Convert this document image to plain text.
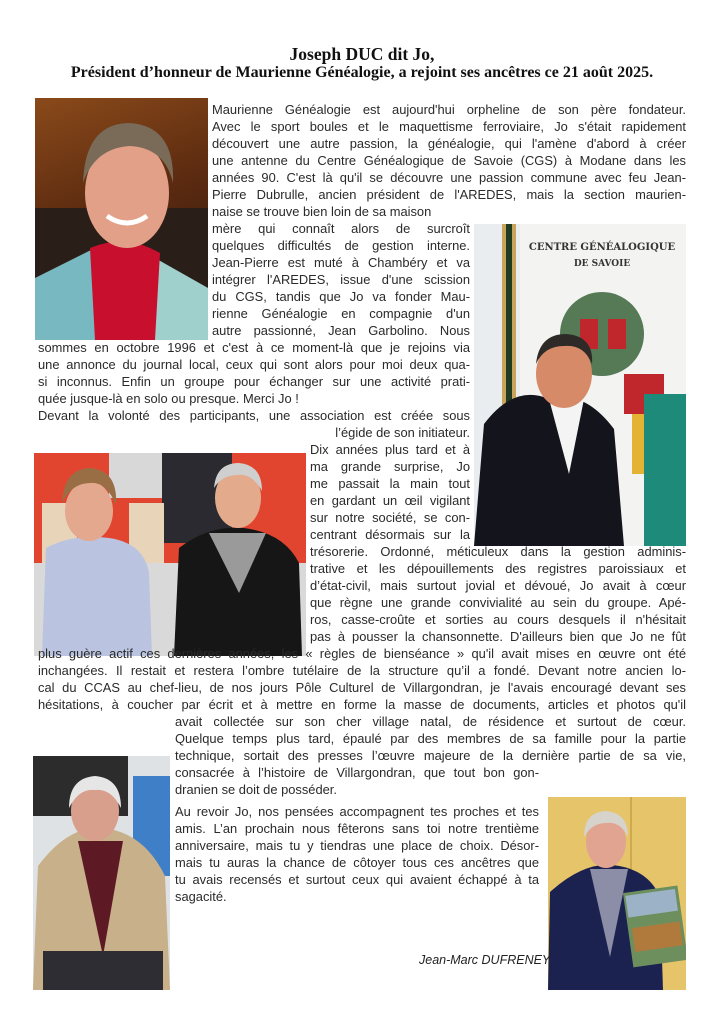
Joseph DUC dit Jo,
Président d’honneur de Maurienne Généalogie, a rejoint ses ancêtres ce 21 août 2025.
CENTRE GÉNÉALOGIQUE
DE SAVOIE
Maurienne Généalogie est aujourd'hui orpheline de son père fondateur.
Avec le sport boules et le maquettisme ferroviaire, Jo s'était rapidement
découvert une autre passion, la généalogie, qui l'amène d'abord à créer
une antenne du Centre Généalogique de Savoie (CGS) à Modane dans les
années 90. C'est là qu'il se découvre une passion commune avec feu Jean-
Pierre Dubrulle, ancien président de l'AREDES, mais la section maurien-
naise se trouve bien loin de sa maison
mère qui connaît alors de surcroît
quelques difficultés de gestion interne.
Jean-Pierre est muté à Chambéry et va
intégrer l'AREDES, issue d'une scission
du CGS, tandis que Jo va fonder Mau-
rienne Généalogie en compagnie d'un
autre passionné, Jean Garbolino. Nous
sommes en octobre 1996 et c'est à ce moment-là que je rejoins via
une annonce du journal local, ceux qui sont alors pour moi deux qua-
si inconnus. Enfin un groupe pour échanger sur une activité prati-
quée jusque-là en solo ou presque. Merci Jo !
Devant la volonté des participants, une association est créée sous
l’égide de son initiateur.
Dix années plus tard et à
ma grande surprise, Jo
me passait la main tout
en gardant un œil vigilant
sur notre société, se con-
centrant désormais sur la
trésorerie. Ordonné, méticuleux dans la gestion adminis-
trative et les dépouillements des registres paroissiaux et
d’état-civil, mais surtout jovial et dévoué, Jo avait à cœur
que règne une grande convivialité au sein du groupe. Apé-
ros, casse-croûte et sorties au cours desquels il n'hésitait
pas à pousser la chansonnette. D'ailleurs bien que Jo ne fût
plus guère actif ces dernières années, les « règles de bienséance » qu'il avait mises en œuvre ont été
inchangées. Il restait et restera l’ombre tutélaire de la structure qu’il a fondé. Devant notre ancien lo-
cal du CCAS au chef-lieu, de nos jours Pôle Culturel de Villargondran, je l'avais encouragé devant ses
hésitations, à coucher par écrit et à mettre en forme la masse de documents, articles et photos qu'il
avait collectée sur son cher village natal, de résidence et surtout de cœur.
Quelque temps plus tard, épaulé par des membres de sa famille pour la partie
technique, sortait des presses l’œuvre majeure de la dernière partie de sa vie,
consacrée à l’histoire de Villargondran, que tout bon gon-
dranien se doit de posséder.
Au revoir Jo, nos pensées accompagnent tes proches et tes
amis. L’an prochain nous fêterons sans toi notre trentième
anniversaire, mais tu y tiendras une place de choix. Désor-
mais tu auras la chance de côtoyer tous ces ancêtres que
tu avais recensés et surtout ceux qui avaient échappé à ta
sagacité.
Jean-Marc DUFRENEY
